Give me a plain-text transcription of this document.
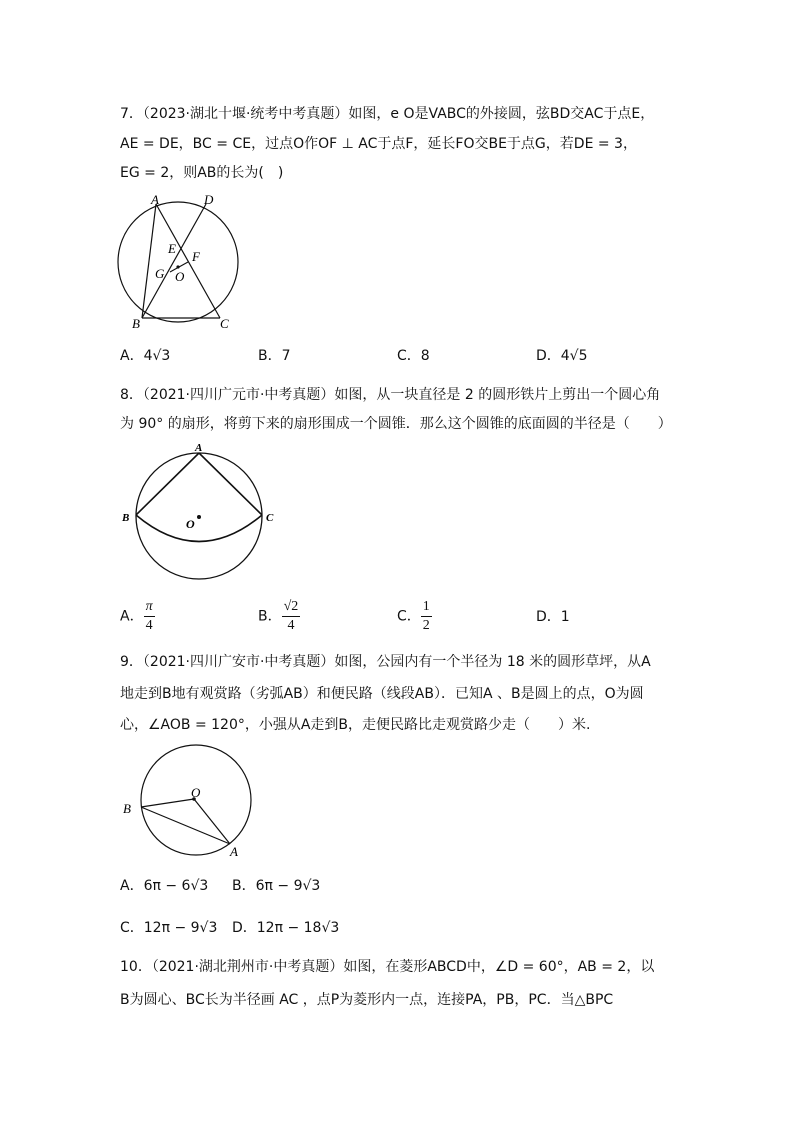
7．（2023·湖北十堰·统考中考真题）如图，e O是VABC的外接圆，弦BD交AC于点E，
AE = DE，BC = CE，过点O作OF ⊥ AC于点F，延长FO交BE于点G，若DE = 3，
EG = 2，则AB的长为(　)
A	D
E
F
G O
B	C
A．4√3	B．7	C．8	D．4√5
8．（2021·四川广元市·中考真题）如图，从一块直径是 2 的圆形铁片上剪出一个圆心角
为 90° 的扇形，将剪下来的扇形围成一个圆锥．那么这个圆锥的底面圆的半径是（　　）
A
B	C
O
A． $\frac{\pi}{4}$	B． $\frac{√2}{4}$	C． $\frac{1}{2}$	D．1
9．（2021·四川广安市·中考真题）如图，公园内有一个半径为 18 米的圆形草坪，从A
地走到B地有观赏路（劣弧AB）和便民路（线段AB）．已知A 、B是圆上的点，O为圆
心，∠AOB = 120°，小强从A走到B，走便民路比走观赏路少走（　　）米.
O
B
A
A．6π − 6√3 B．6π − 9√3
C．12π − 9√3 D．12π − 18√3
10．（2021·湖北荆州市·中考真题）如图，在菱形ABCD中，∠D = 60°，AB = 2，以
B为圆心、BC长为半径画 AC ，点P为菱形内一点，连接PA，PB，PC．当△BPC
